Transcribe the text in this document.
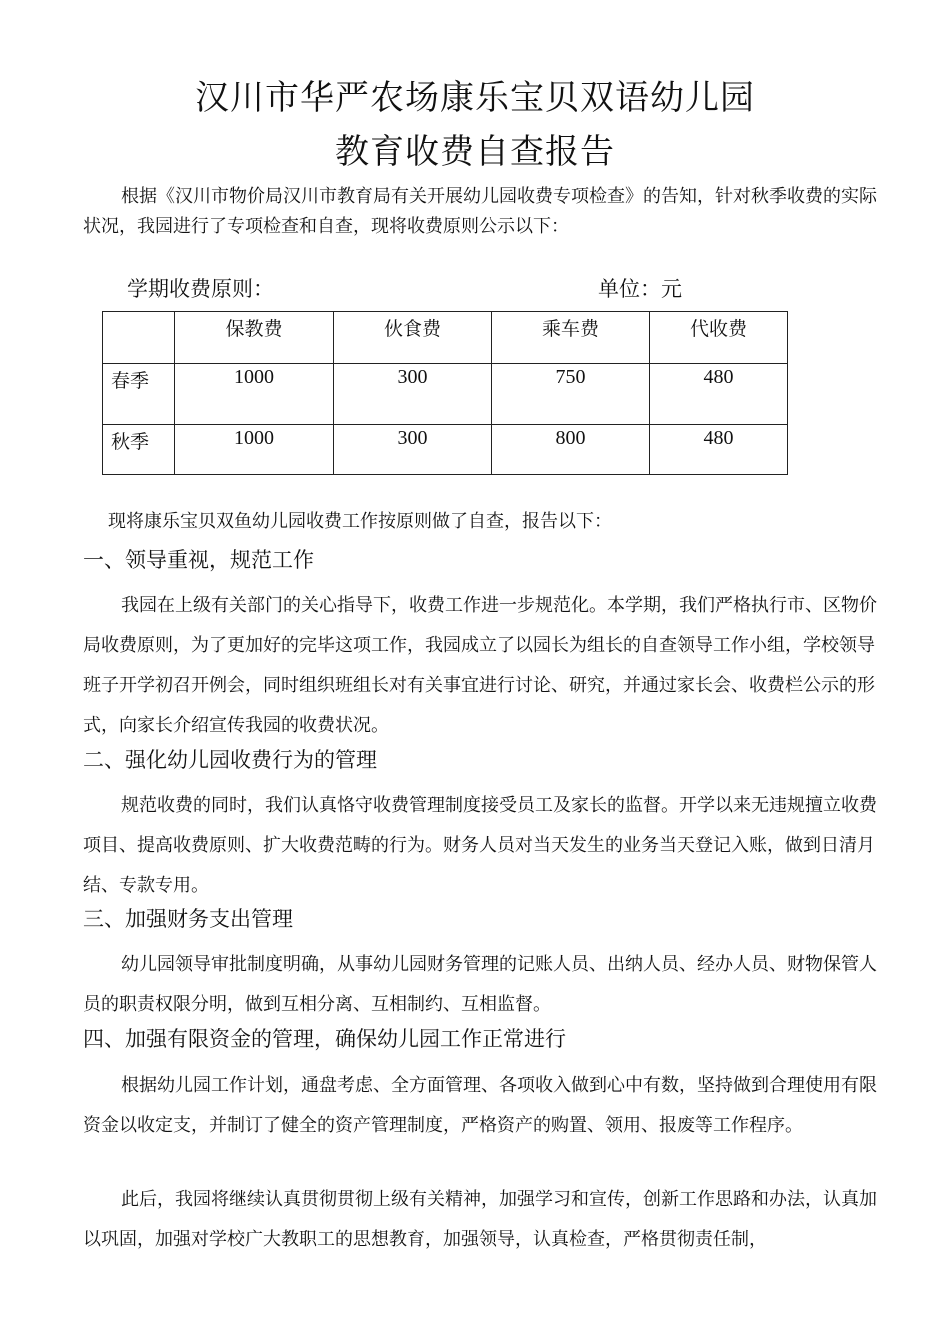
汉川市华严农场康乐宝贝双语幼儿园
教育收费自查报告

根据《汉川市物价局汉川市教育局有关开展幼儿园收费专项检查》的告知，针对秋季收费的实际状况，我园进行了专项检查和自查，现将收费原则公示以下：

学期收费原则：	单位：元
	保教费	伙食费	乘车费	代收费
春季	1000	300	750	480
秋季	1000	300	800	480

现将康乐宝贝双鱼幼儿园收费工作按原则做了自查，报告以下：

一、领导重视，规范工作

我园在上级有关部门的关心指导下，收费工作进一步规范化。本学期，我们严格执行市、区物价局收费原则，为了更加好的完毕这项工作，我园成立了以园长为组长的自查领导工作小组，学校领导班子开学初召开例会，同时组织班组长对有关事宜进行讨论、研究，并通过家长会、收费栏公示的形式，向家长介绍宣传我园的收费状况。

二、强化幼儿园收费行为的管理

规范收费的同时，我们认真恪守收费管理制度接受员工及家长的监督。开学以来无违规擅立收费项目、提高收费原则、扩大收费范畴的行为。财务人员对当天发生的业务当天登记入账，做到日清月结、专款专用。

三、加强财务支出管理

幼儿园领导审批制度明确，从事幼儿园财务管理的记账人员、出纳人员、经办人员、财物保管人员的职责权限分明，做到互相分离、互相制约、互相监督。

四、加强有限资金的管理，确保幼儿园工作正常进行

根据幼儿园工作计划，通盘考虑、全方面管理、各项收入做到心中有数，坚持做到合理使用有限资金以收定支，并制订了健全的资产管理制度，严格资产的购置、领用、报废等工作程序。

此后，我园将继续认真贯彻贯彻上级有关精神，加强学习和宣传，创新工作思路和办法，认真加以巩固，加强对学校广大教职工的思想教育，加强领导，认真检查，严格贯彻责任制，
